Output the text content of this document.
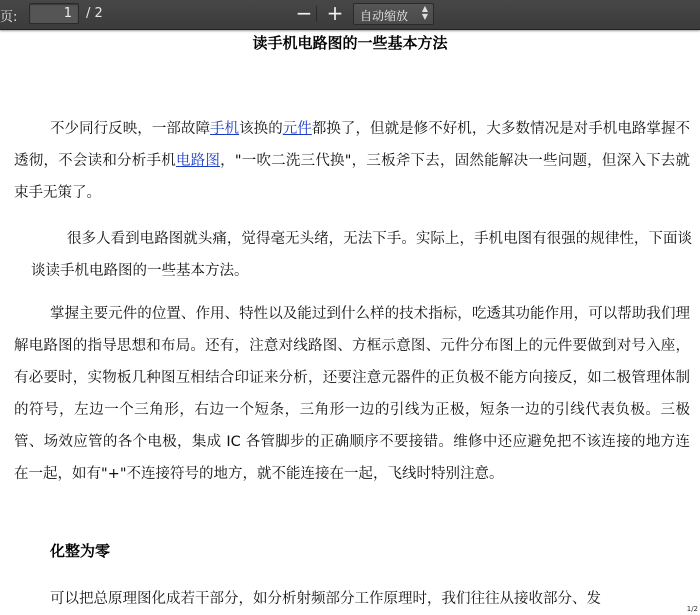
页:
1	/ 2	− +	自动缩放
▲
▼
读手机电路图的一些基本方法

不少同行反映，一部故障手机该换的元件都换了，但就是修不好机，大多数情况是对手机电路掌握不透彻，不会读和分析手机电路图，"一吹二洗三代换"，三板斧下去，固然能解决一些问题，但深入下去就束手无策了。

很多人看到电路图就头痛，觉得毫无头绪，无法下手。实际上，手机电图有很强的规律性，下面谈谈读手机电路图的一些基本方法。

掌握主要元件的位置、作用、特性以及能过到什么样的技术指标，吃透其功能作用，可以帮助我们理解电路图的指导思想和布局。还有，注意对线路图、方框示意图、元件分布图上的元件要做到对号入座，有必要时，实物板几种图互相结合印证来分析，还要注意元器件的正负极不能方向接反，如二极管理体制的符号，左边一个三角形，右边一个短条，三角形一边的引线为正极，短条一边的引线代表负极。三极管、场效应管的各个电极，集成 IC 各管脚步的正确顺序不要接错。维修中还应避免把不该连接的地方连在一起，如有"+"不连接符号的地方，就不能连接在一起，飞线时特别注意。

化整为零

可以把总原理图化成若干部分，如分析射频部分工作原理时，我们往往从接收部分、发

1/2
